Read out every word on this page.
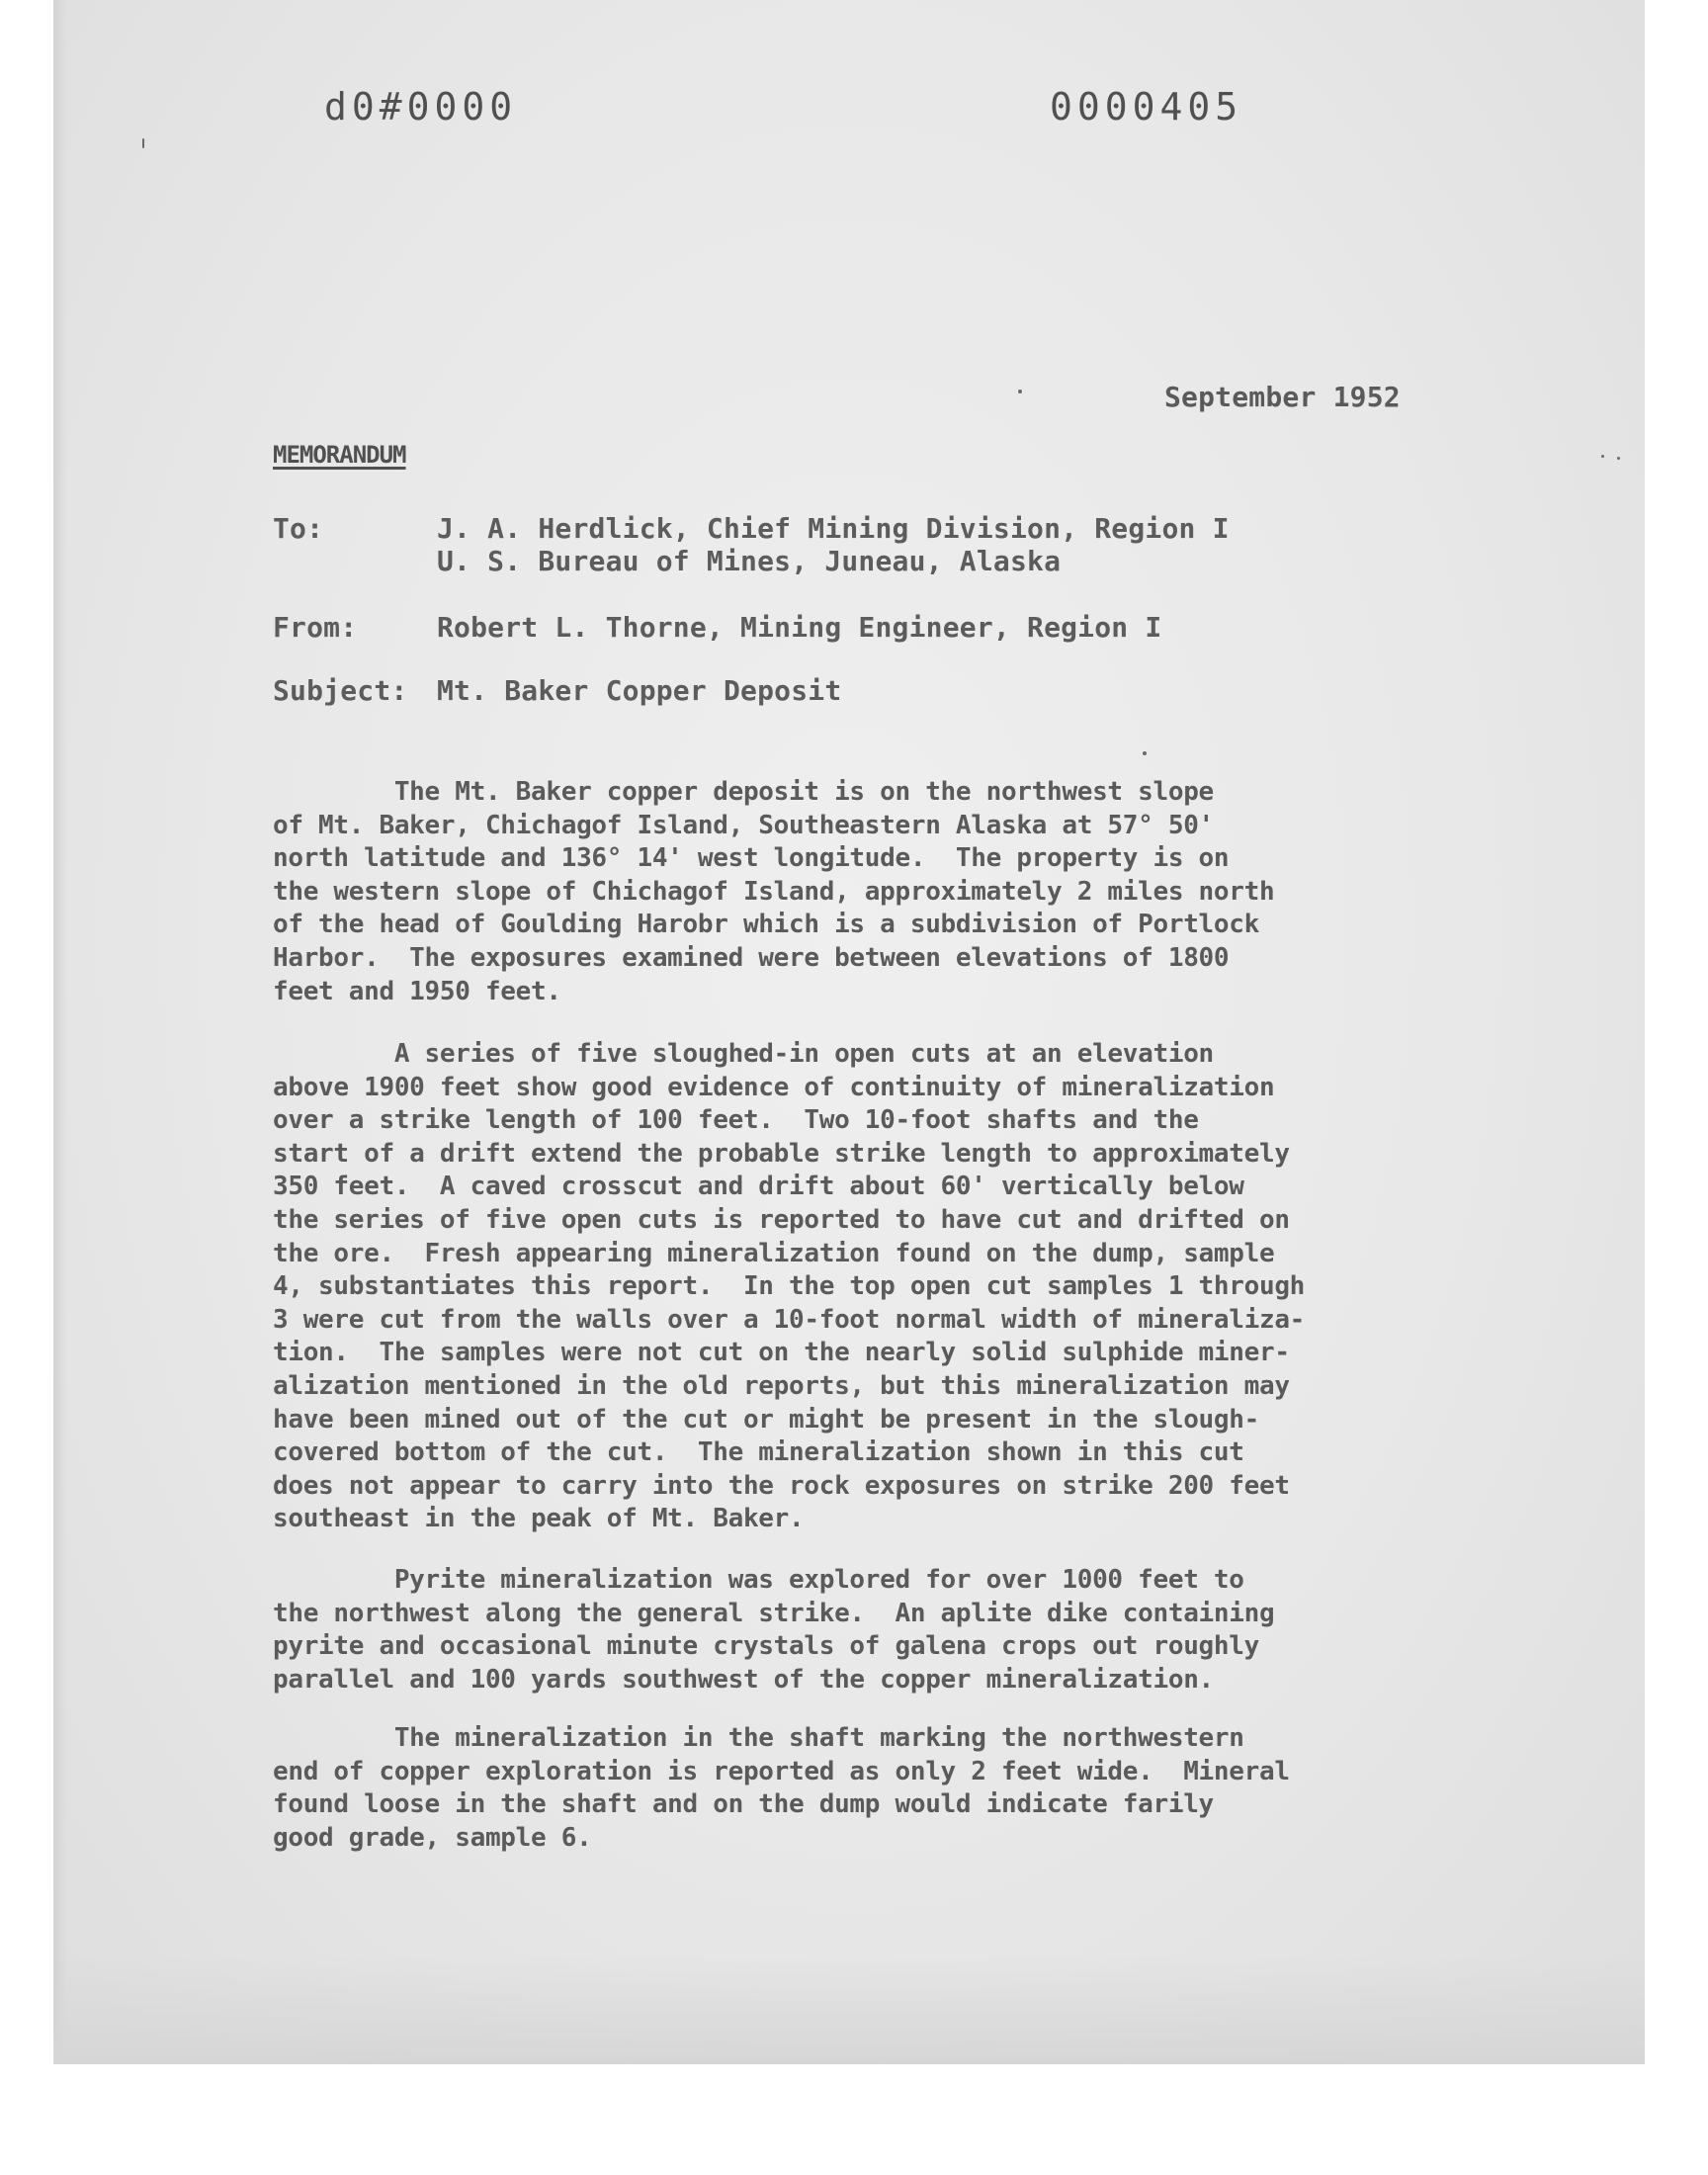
d0#0000	0000405
September 1952
MEMORANDUM
To:	J. A. Herdlick, Chief Mining Division, Region I
U. S. Bureau of Mines, Juneau, Alaska
From:	Robert L. Thorne, Mining Engineer, Region I
Subject: Mt. Baker Copper Deposit
The Mt. Baker copper deposit is on the northwest slope
of Mt. Baker, Chichagof Island, Southeastern Alaska at 57° 50'
north latitude and 136° 14' west longitude.  The property is on
the western slope of Chichagof Island, approximately 2 miles north
of the head of Goulding Harobr which is a subdivision of Portlock
Harbor.  The exposures examined were between elevations of 1800
feet and 1950 feet.
A series of five sloughed-in open cuts at an elevation
above 1900 feet show good evidence of continuity of mineralization
over a strike length of 100 feet.  Two 10-foot shafts and the
start of a drift extend the probable strike length to approximately
350 feet.  A caved crosscut and drift about 60' vertically below
the series of five open cuts is reported to have cut and drifted on
the ore.  Fresh appearing mineralization found on the dump, sample
4, substantiates this report.  In the top open cut samples 1 through
3 were cut from the walls over a 10-foot normal width of mineraliza-
tion.  The samples were not cut on the nearly solid sulphide miner-
alization mentioned in the old reports, but this mineralization may
have been mined out of the cut or might be present in the slough-
covered bottom of the cut.  The mineralization shown in this cut
does not appear to carry into the rock exposures on strike 200 feet
southeast in the peak of Mt. Baker.
Pyrite mineralization was explored for over 1000 feet to
the northwest along the general strike.  An aplite dike containing
pyrite and occasional minute crystals of galena crops out roughly
parallel and 100 yards southwest of the copper mineralization.
The mineralization in the shaft marking the northwestern
end of copper exploration is reported as only 2 feet wide.  Mineral
found loose in the shaft and on the dump would indicate farily
good grade, sample 6.
